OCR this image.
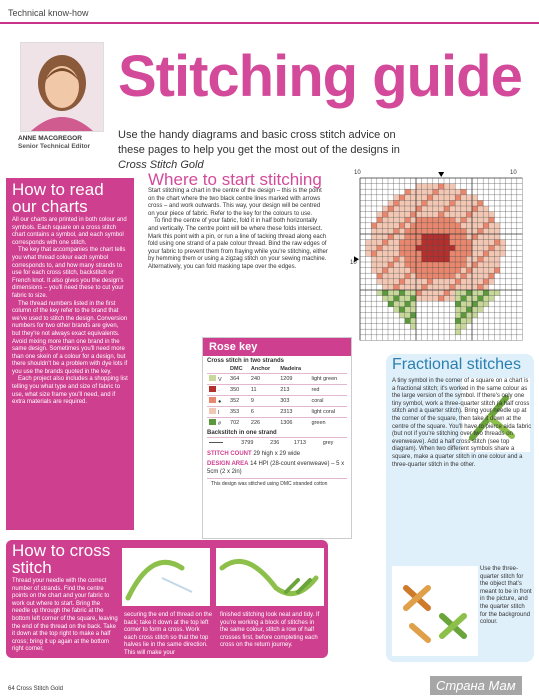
Technical know-how
ANNE MACGREGOR
Senior Technical Editor
Stitching guide
Use the handy diagrams and basic cross stitch advice on these pages to help you get the most out of the designs in Cross Stitch Gold
How to read our charts

All our charts are printed in both colour and symbols. Each square on a cross stitch chart contains a symbol, and each symbol corresponds with one stitch.

The key that accompanies the chart tells you what thread colour each symbol corresponds to, and how many strands to use for each cross stitch, backstitch or French knot. It also gives you the design's dimensions – you'll need these to cut your fabric to size.

The thread numbers listed in the first column of the key refer to the brand that we've used to stitch the design. Conversion numbers for two other brands are given, but they're not always exact equivalents. Avoid mixing more than one brand in the same design. Sometimes you'll need more than one skein of a colour for a design, but there shouldn't be a problem with dye lots if you use the brands quoted in the key.

Each project also includes a shopping list telling you what type and size of fabric to use, what size frame you'll need, and if extra materials are required.

Where to start stitching
Start stitching a chart in the centre of the design – this is the point on the chart where the two black centre lines marked with arrows cross – and work outwards. This way, your design will be centred on your piece of fabric. Refer to the key for the colours to use.
To find the centre of your fabric, fold it in half both horizontally and vertically. The centre point will be where these folds intersect. Mark this point with a pin, or run a line of tacking thread along each fold using one strand of a pale colour thread. Bind the raw edges of your fabric to prevent them from fraying while you're stitching, either by hemming them or using a zigzag stitch on your sewing machine. Alternatively, you can fold masking tape over the edges.
10	10
10
Rose key
Cross stitch in two strands
	DMC	Anchor	Madeira	
V	364	240	1209	light green
·	350	11	213	red
●	352	9	303	coral
I	353	6	2313	light coral
#	702	226	1306	green
Backstitch in one strand
	3799	236	1713	grey
STITCH COUNT 29 high x 29 wide
DESIGN AREA 14 HPI (28-count evenweave) – 5 x 5cm (2 x 2in)
This design was stitched using DMC stranded cotton
Fractional stitches
A tiny symbol in the corner of a square on a chart is a fractional stitch; it's worked in the same colour as the large version of the symbol. If there's only one tiny symbol, work a three-quarter stitch (a half cross stitch and a quarter stitch). Bring your needle up at the corner of the square, then take it down at the centre of the square. You'll have to pierce aida fabric (but not if you're stitching over two threads on evenweave). Add a half cross stitch (see top diagram). When two different symbols share a square, make a quarter stitch in one colour and a three-quarter stitch in the other.
Use the three-quarter stitch for the object that's meant to be in front in the picture, and the quarter stitch for the background colour.
How to cross stitch
Thread your needle with the correct number of strands. Find the centre points on the chart and your fabric to work out where to start. Bring the needle up through the fabric at the bottom left corner of the square, leaving the end of the thread on the back. Take it down at the top right to make a half cross; bring it up again at the bottom right corner,
securing the end of thread on the back; take it down at the top left corner to form a cross. Work each cross stitch so that the top halves lie in the same direction. This will make your
finished stitching look neat and tidy. If you're working a block of stitches in the same colour, stitch a row of half crosses first, before completing each cross on the return journey.
64 Cross Stitch Gold	Страна Мам
